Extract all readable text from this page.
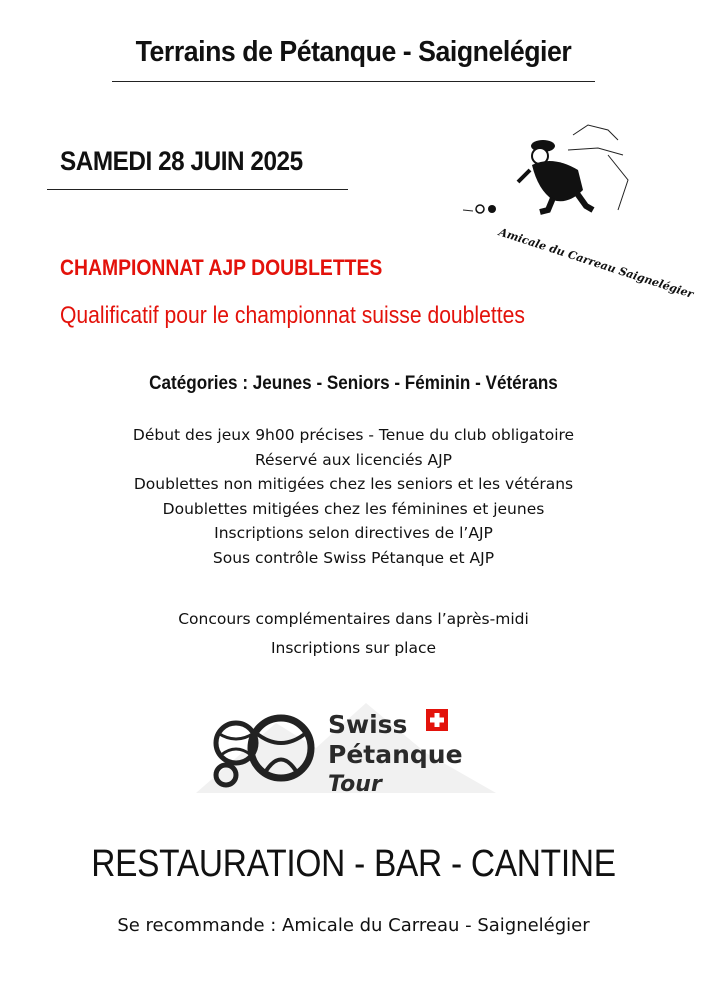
Terrains de Pétanque - Saignelégier
SAMEDI 28 JUIN 2025
Amicale du Carreau Saignelégier
CHAMPIONNAT AJP DOUBLETTES
Qualificatif pour le championnat suisse doublettes
Catégories : Jeunes - Seniors - Féminin - Vétérans
Début des jeux 9h00 précises - Tenue du club obligatoire
Réservé aux licenciés AJP
Doublettes non mitigées chez les seniors et les vétérans
Doublettes mitigées chez les féminines et jeunes
Inscriptions selon directives de l’AJP
Sous contrôle Swiss Pétanque et AJP
Concours complémentaires dans l’après-midi
Inscriptions sur place
Swiss
Pétanque
Tour
RESTAURATION - BAR - CANTINE
Se recommande : Amicale du Carreau - Saignelégier
